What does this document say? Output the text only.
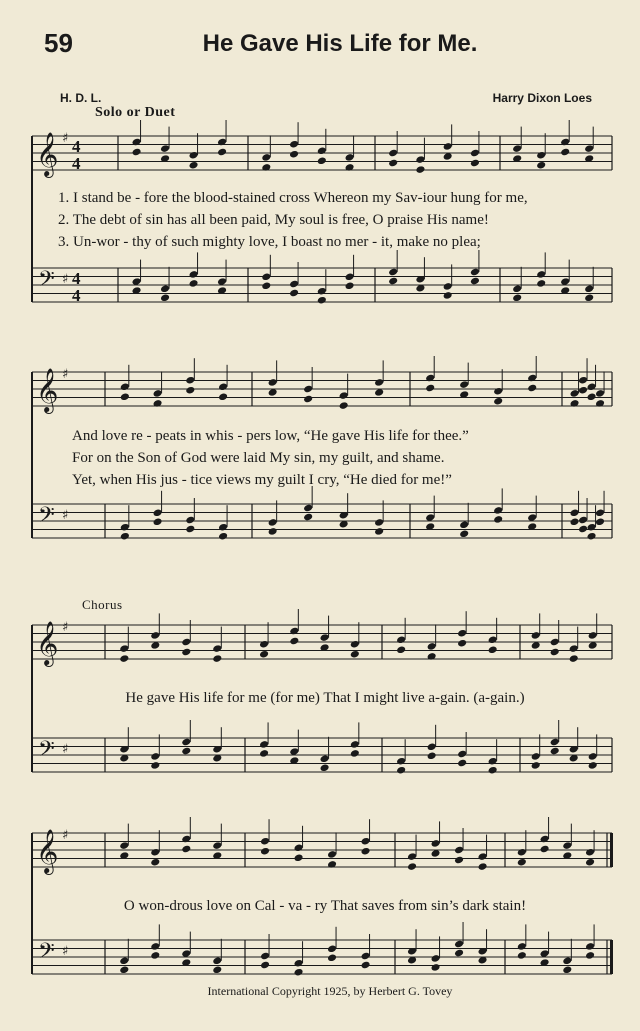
59	He Gave His Life for Me.
H. D. L.
Solo or Duet
Harry Dixon Loes
𝄞
𝄢
♯
♯
4
4
4
4
𝄞
𝄢
♯
♯
𝄞
𝄢
♯
♯
𝄞
𝄢
♯
♯
1. I stand be - fore the blood-stained cross Whereon my Sav-iour hung for me,
2. The debt of sin has all been paid, My soul is free, O praise His name!
3. Un-wor - thy of such mighty love, I boast no mer - it, make no plea;
And love re - peats in whis - pers low, “He gave His life for thee.”
For on the Son of God were laid My sin, my guilt, and shame.
Yet, when His jus - tice views my guilt I cry, “He died for me!”
Chorus
He gave His life for me (for me) That I might live a-gain. (a-gain.)
O won-drous love on Cal - va - ry That saves from sin’s dark stain!
International Copyright 1925, by Herbert G. Tovey
